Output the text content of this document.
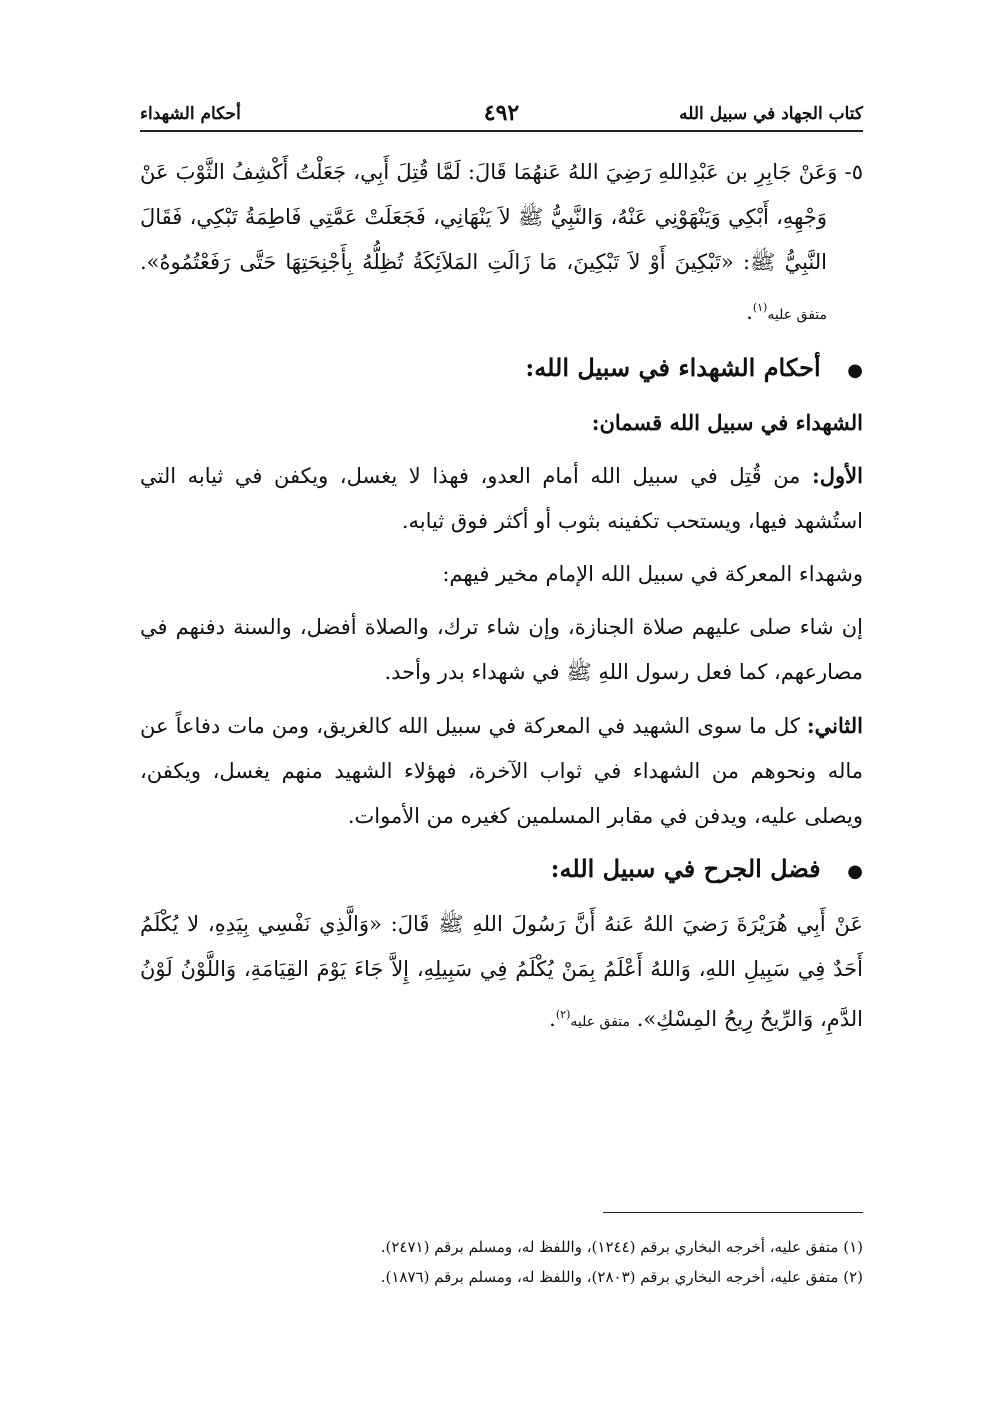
كتاب الجهاد في سبيل الله
٤٩٢
أحكام الشهداء

٥- وَعَنْ جَابِرِ بن عَبْدِاللهِ رَضِيَ اللهُ عَنهُمَا قَالَ: لَمَّا قُتِلَ أَبِي، جَعَلْتُ أَكْشِفُ الثَّوْبَ عَنْ وَجْهِهِ، أَبْكِي وَيَنْهَوْنِي عَنْهُ، وَالنَّبِيُّ ﷺ لاَ يَنْهَانِي، فَجَعَلَتْ عَمَّتِي فَاطِمَةُ تَبْكِي، فَقَالَ النَّبِيُّ ﷺ: «تَبْكِينَ أَوْ لاَ تَبْكِينَ، مَا زَالَتِ المَلاَئِكَةُ تُظِلُّهُ بِأَجْنِحَتِهَا حَتَّى رَفَعْتُمُوهُ». متفق عليه$^{(١)}$.

● أحكام الشهداء في سبيل الله:
الشهداء في سبيل الله قسمان:

الأول: من قُتِل في سبيل الله أمام العدو، فهذا لا يغسل، ويكفن في ثيابه التي استُشهد فيها، ويستحب تكفينه بثوب أو أكثر فوق ثيابه.

وشهداء المعركة في سبيل الله الإمام مخير فيهم:

إن شاء صلى عليهم صلاة الجنازة، وإن شاء ترك، والصلاة أفضل، والسنة دفنهم في مصارعهم، كما فعل رسول اللهِ ﷺ في شهداء بدر وأحد.

الثاني: كل ما سوى الشهيد في المعركة في سبيل الله كالغريق، ومن مات دفاعاً عن ماله ونحوهم من الشهداء في ثواب الآخرة، فهؤلاء الشهيد منهم يغسل، ويكفن، ويصلى عليه، ويدفن في مقابر المسلمين كغيره من الأموات.

● فضل الجرح في سبيل الله:

عَنْ أَبِي هُرَيْرَةَ رَضيَ اللهُ عَنهُ أَنَّ رَسُولَ اللهِ ﷺ قَالَ: «وَالَّذِي نَفْسِي بِيَدِهِ، لا يُكْلَمُ أَحَدٌ فِي سَبِيلِ اللهِ، وَاللهُ أَعْلَمُ بِمَنْ يُكْلَمُ فِي سَبِيلِهِ، إِلاَّ جَاءَ يَوْمَ القِيَامَةِ، وَاللَّوْنُ لَوْنُ الدَّمِ، وَالرِّيحُ رِيحُ المِسْكِ». متفق عليه$^{(٢)}$.

(١) متفق عليه، أخرجه البخاري برقم (١٢٤٤)، واللفظ له، ومسلم برقم (٢٤٧١).

(٢) متفق عليه، أخرجه البخاري برقم (٢٨٠٣)، واللفظ له، ومسلم برقم (١٨٧٦).
